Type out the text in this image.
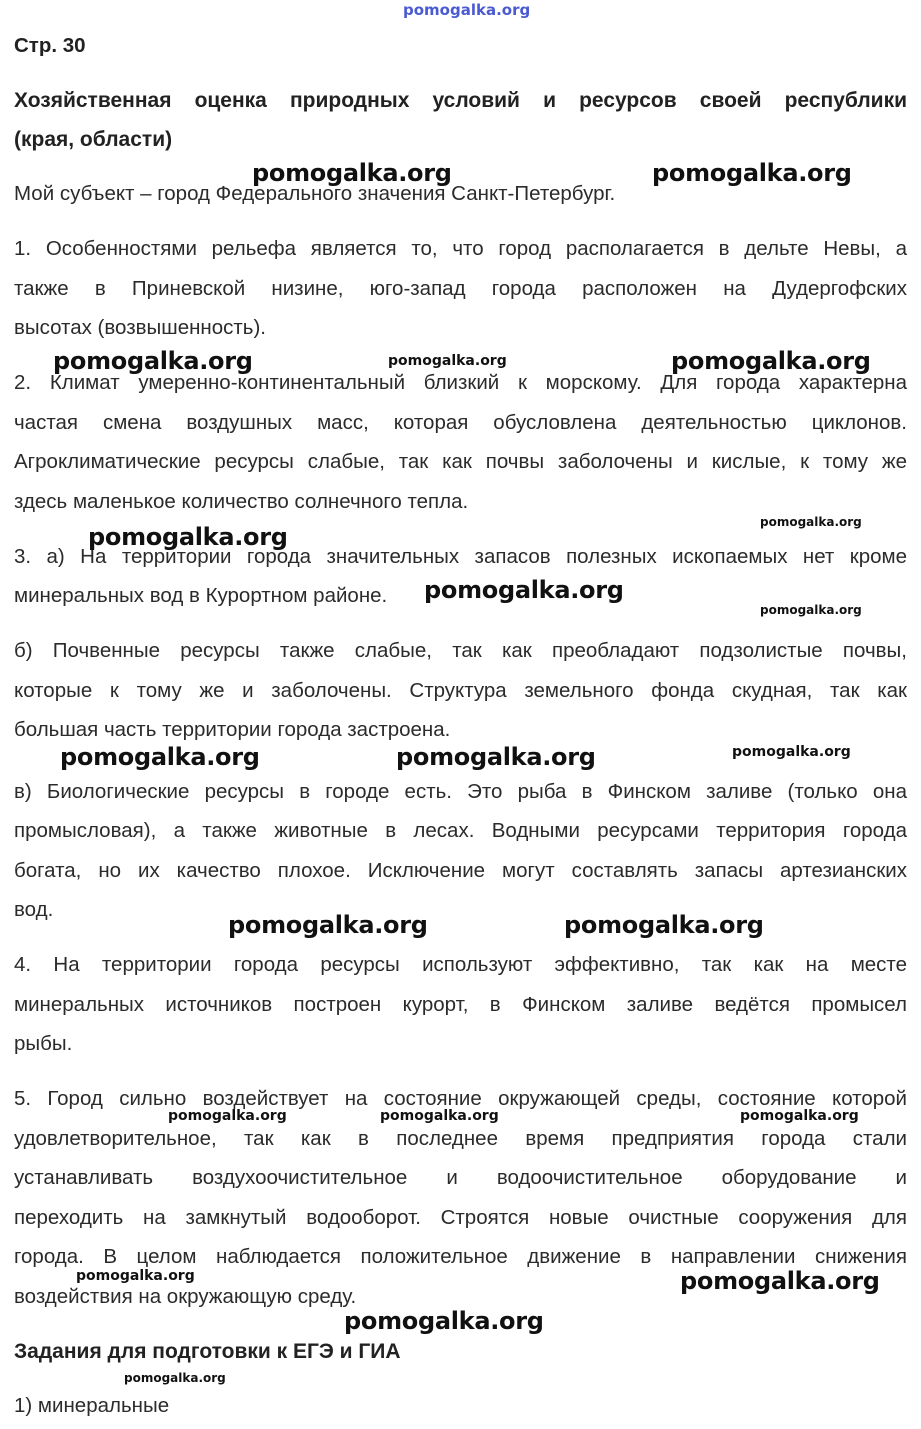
pomogalka.org
Стр. 30
Хозяйственная оценка природных условий и ресурсов своей республики
(края, области)
Мой субъект – город Федерального значения Санкт-Петербург.
1. Особенностями рельефа является то, что город располагается в дельте Невы, а
также в Приневской низине, юго-запад города расположен на Дудергофских
высотах (возвышенность).
2. Климат умеренно-континентальный близкий к морскому. Для города характерна
частая смена воздушных масс, которая обусловлена деятельностью циклонов.
Агроклиматические ресурсы слабые, так как почвы заболочены и кислые, к тому же
здесь маленькое количество солнечного тепла.
3. а) На территории города значительных запасов полезных ископаемых нет кроме
минеральных вод в Курортном районе.
б) Почвенные ресурсы также слабые, так как преобладают подзолистые почвы,
которые к тому же и заболочены. Структура земельного фонда скудная, так как
большая часть территории города застроена.
в) Биологические ресурсы в городе есть. Это рыба в Финском заливе (только она
промысловая), а также животные в лесах. Водными ресурсами территория города
богата, но их качество плохое. Исключение могут составлять запасы артезианских
вод.
4. На территории города ресурсы используют эффективно, так как на месте
минеральных источников построен курорт, в Финском заливе ведётся промысел
рыбы.
5. Город сильно воздействует на состояние окружающей среды, состояние которой
удовлетворительное, так как в последнее время предприятия города стали
устанавливать воздухоочистительное и водоочистительное оборудование и
переходить на замкнутый водооборот. Строятся новые очистные сооружения для
города. В целом наблюдается положительное движение в направлении снижения
воздействия на окружающую среду.
Задания для подготовки к ЕГЭ и ГИА
1) минеральные
pomogalka.org	pomogalka.org
pomogalka.org	pomogalka.org	pomogalka.org
pomogalka.org
pomogalka.org
pomogalka.org
pomogalka.org
pomogalka.org	pomogalka.org	pomogalka.org
pomogalka.org	pomogalka.org
pomogalka.org	pomogalka.org	pomogalka.org
pomogalka.org	pomogalka.org
pomogalka.org
pomogalka.org
